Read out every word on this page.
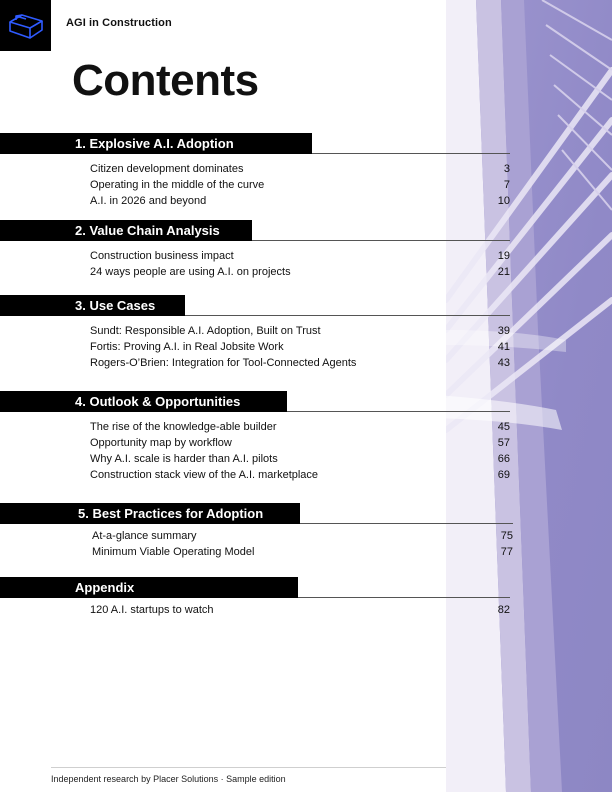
AGI in Construction
Contents
1. Explosive A.I. Adoption
Citizen development dominates	3
Operating in the middle of the curve	7
A.I. in 2026 and beyond	10
2. Value Chain Analysis
Construction business impact	19
24 ways people are using A.I. on projects	21
3. Use Cases
Sundt: Responsible A.I. Adoption, Built on Trust	39
Fortis: Proving A.I. in Real Jobsite Work	41
Rogers-O’Brien: Integration for Tool-Connected Agents	43
4. Outlook & Opportunities
The rise of the knowledge-able builder	45
Opportunity map by workflow	57
Why A.I. scale is harder than A.I. pilots	66
Construction stack view of the A.I. marketplace	69
5. Best Practices for Adoption
At-a-glance summary	75
Minimum Viable Operating Model	77
Appendix
120 A.I. startups to watch	82
Independent research by Placer Solutions · Sample edition
